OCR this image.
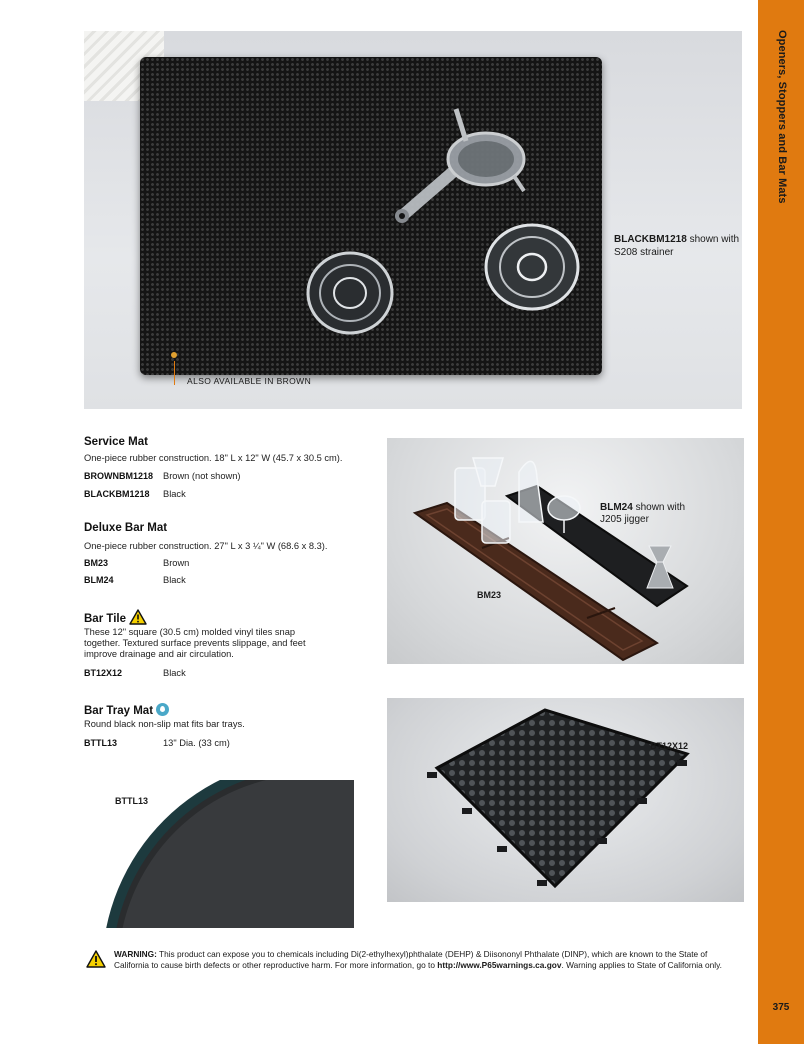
Openers, Stoppers and Bar Mats
375
ALSO AVAILABLE IN BROWN
BLACKBM1218 shown with
S208 strainer
Service Mat
One-piece rubber construction. 18" L x 12" W (45.7 x 30.5 cm).
BROWNBM1218 Brown (not shown)
BLACKBM1218 Black
Deluxe Bar Mat
One-piece rubber construction. 27" L x 3 ¼" W (68.6 x 8.3).
BM23	Brown
BLM24	Black
Bar Tile
These 12" square (30.5 cm) molded vinyl tiles snap
together. Textured surface prevents slippage, and feet
improve drainage and air circulation.
BT12X12	Black
Bar Tray Mat
Round black non-slip mat fits bar trays.
BTTL13	13" Dia. (33 cm)
BLM24 shown with
J205 jigger
BM23
BT12X12
BTTL13
WARNING: This product can expose you to chemicals including Di(2-ethylhexyl)phthalate (DEHP) & Diisononyl Phthalate (DINP), which are known to the State of California to cause birth defects or other reproductive harm. For more information, go to http://www.P65warnings.ca.gov. Warning applies to State of California only.
